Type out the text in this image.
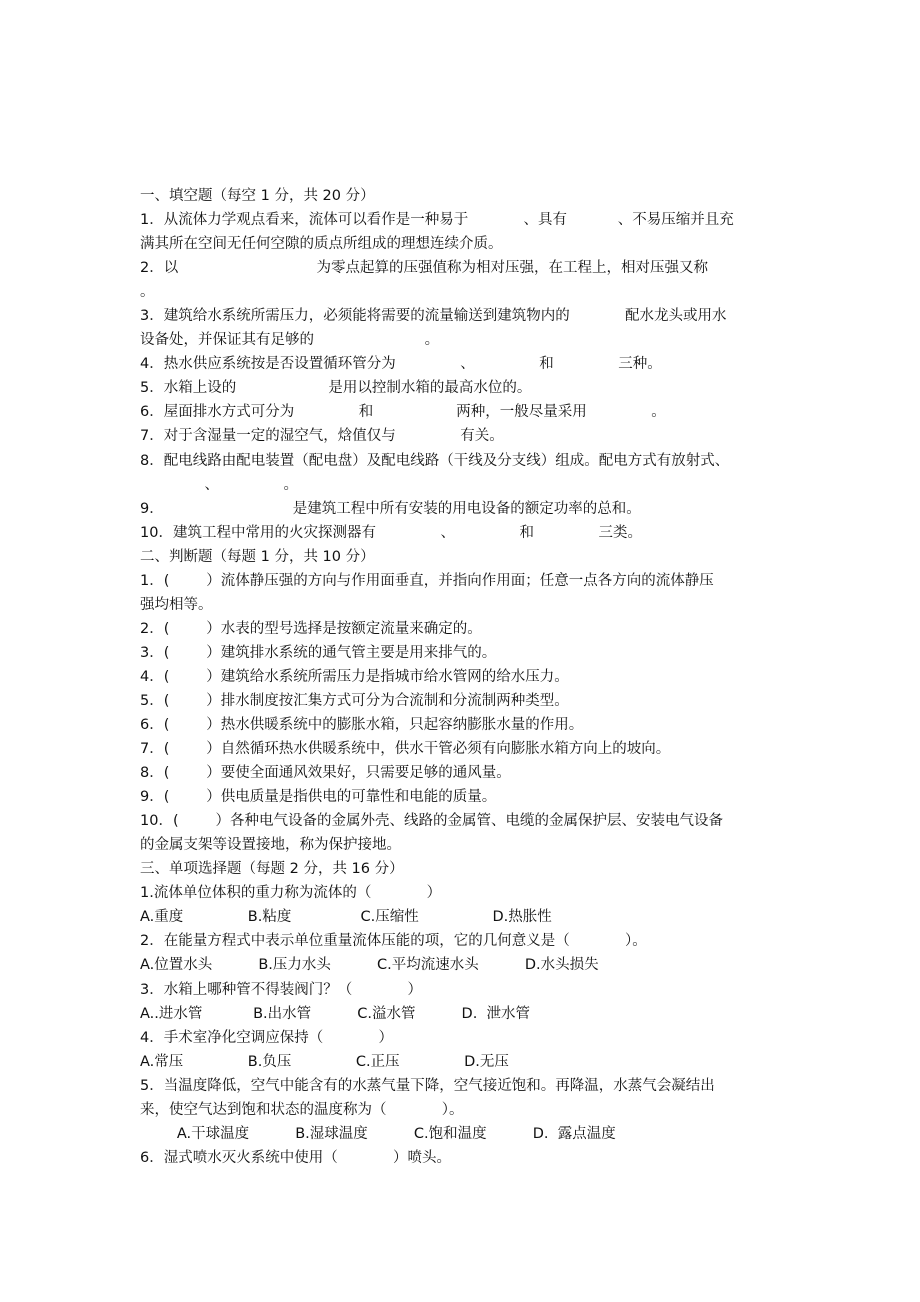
一、填空题（每空 1 分，共 20 分）

1．从流体力学观点看来，流体可以看作是一种易于            、具有           、不易压缩并且充

满其所在空间无任何空隙的质点所组成的理想连续介质。

2．以                              为零点起算的压强值称为相对压强，在工程上，相对压强又称

。

3．建筑给水系统所需压力，必须能将需要的流量输送到建筑物内的            配水龙头或用水

设备处，并保证其有足够的                        。

4．热水供应系统按是否设置循环管分为              、              和              三种。

5．水箱上设的                    是用以控制水箱的最高水位的。

6．屋面排水方式可分为              和                  两种，一般尽量采用              。

7．对于含湿量一定的湿空气，焓值仅与              有关。

8．配电线路由配电装置（配电盘）及配电线路（干线及分支线）组成。配电方式有放射式、

、              。

9．                            是建筑工程中所有安装的用电设备的额定功率的总和。

10．建筑工程中常用的火灾探测器有              、              和              三类。

二、判断题（每题 1 分，共 10 分）

1．(        ）流体静压强的方向与作用面垂直，并指向作用面；任意一点各方向的流体静压

强均相等。

2．(        ）水表的型号选择是按额定流量来确定的。

3．(        ）建筑排水系统的通气管主要是用来排气的。

4．(        ）建筑给水系统所需压力是指城市给水管网的给水压力。

5．(        ）排水制度按汇集方式可分为合流制和分流制两种类型。

6．(        ）热水供暖系统中的膨胀水箱，只起容纳膨胀水量的作用。

7．(        ）自然循环热水供暖系统中，供水干管必须有向膨胀水箱方向上的坡向。

8．(        ）要使全面通风效果好，只需要足够的通风量。

9．(        ）供电质量是指供电的可靠性和电能的质量。

10．(        ）各种电气设备的金属外壳、线路的金属管、电缆的金属保护层、安装电气设备

的金属支架等设置接地，称为保护接地。

三、单项选择题（每题 2 分，共 16 分）

1.流体单位体积的重力称为流体的（            ）

A.重度              B.粘度               C.压缩性                D.热胀性

2．在能量方程式中表示单位重量流体压能的项，它的几何意义是（            ）。

A.位置水头          B.压力水头          C.平均流速水头          D.水头损失

3．水箱上哪种管不得装阀门？（            ）

A..进水管           B.出水管          C.溢水管          D.  泄水管

4．手术室净化空调应保持（            ）

A.常压              B.负压              C.正压              D.无压

5．当温度降低，空气中能含有的水蒸气量下降，空气接近饱和。再降温，水蒸气会凝结出

来，使空气达到饱和状态的温度称为（            ）。

A.干球温度          B.湿球温度          C.饱和温度          D.  露点温度

6．湿式喷水灭火系统中使用（            ）喷头。
